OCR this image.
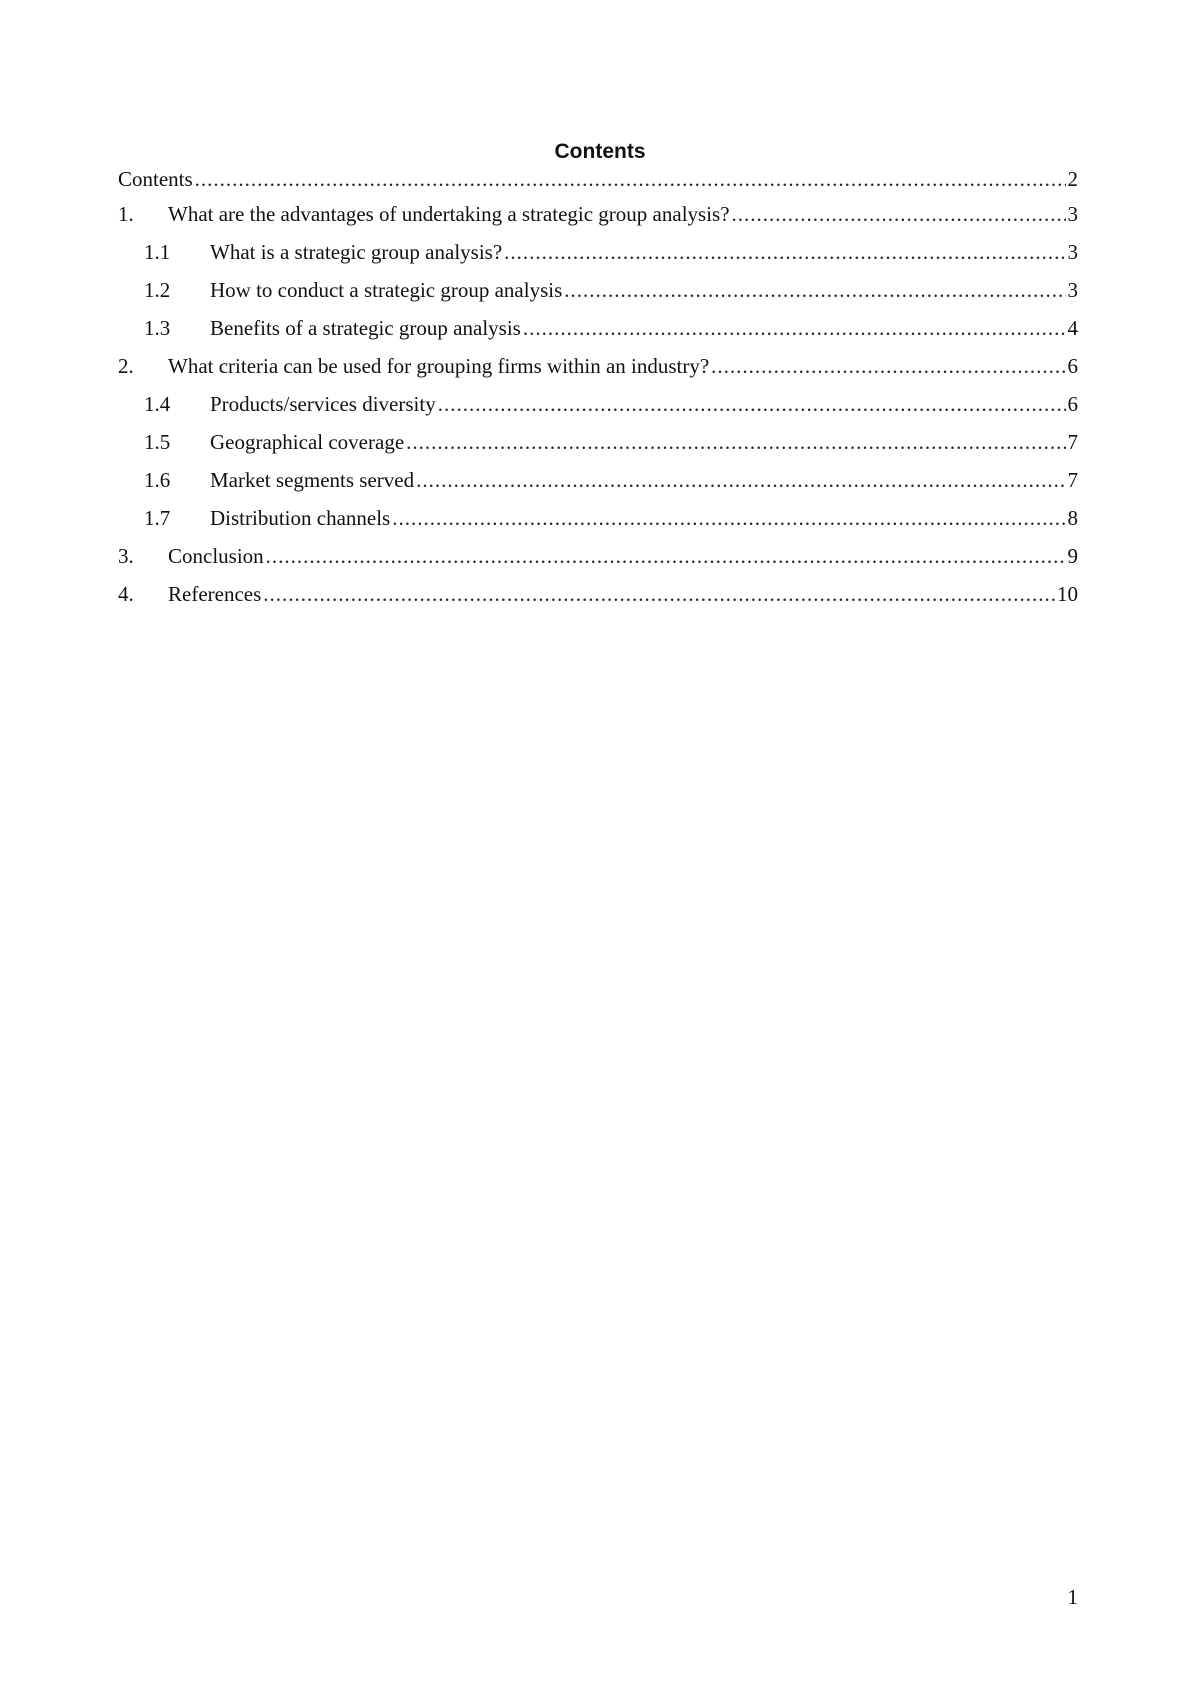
Contents
Contents .....	2
1.	What are the advantages of undertaking a strategic group analysis? .....	3
1.1	What is a strategic group analysis? .....	3
1.2	How to conduct a strategic group analysis .....	3
1.3	Benefits of a strategic group analysis .....	4
2.	What criteria can be used for grouping firms within an industry? .....	6
1.4	Products/services diversity .....	6
1.5	Geographical coverage .....	7
1.6	Market segments served .....	7
1.7	Distribution channels .....	8
3.	Conclusion .....	9
4.	References .....	10
1
